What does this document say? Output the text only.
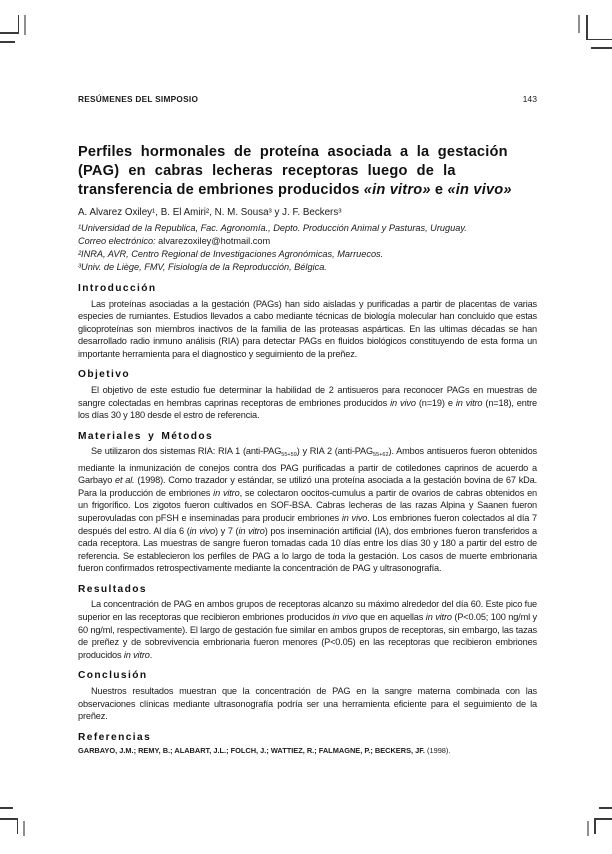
RESÚMENES DEL SIMPOSIO	143
Perfiles hormonales de proteína asociada a la gestación
(PAG) en cabras lecheras receptoras luego de la
transferencia de embriones producidos «in vitro» e «in vivo»
A. Alvarez Oxiley¹, B. El Amiri², N. M. Sousa³ y J. F. Beckers³
¹Universidad de la Republica, Fac. Agronomía., Depto. Producción Animal y Pasturas, Uruguay.
Correo electrónico: alvarezoxiley@hotmail.com
²INRA, AVR, Centro Regional de Investigaciones Agronómicas, Marruecos.
³Univ. de Liège, FMV, Fisiología de la Reproducción, Bélgica.
Introducción

Las proteínas asociadas a la gestación (PAGs) han sido aisladas y purificadas a partir de placentas de varias especies de rumiantes. Estudios llevados a cabo mediante técnicas de biología molecular han concluido que estas glicoproteínas son miembros inactivos de la familia de las proteasas aspárticas. En las ultimas décadas se han desarrollado radio inmuno análisis (RIA) para detectar PAGs en fluidos biológicos constituyendo de esta forma un importante herramienta para el diagnostico y seguimiento de la preñez.

Objetivo

El objetivo de este estudio fue determinar la habilidad de 2 antisueros para reconocer PAGs en muestras de sangre colectadas en hembras caprinas receptoras de embriones producidos in vivo (n=19) e in vitro (n=18), entre los días 30 y 180 desde el estro de referencia.

Materiales y Métodos

Se utilizaron dos sistemas RIA: RIA 1 (anti-PAG55+59) y RIA 2 (anti-PAG55+62). Ambos antisueros fueron obtenidos mediante la inmunización de conejos contra dos PAG purificadas a partir de cotiledones caprinos de acuerdo a Garbayo et al. (1998). Como trazador y estándar, se utilizó una proteína asociada a la gestación bovina de 67 kDa. Para la producción de embriones in vitro, se colectaron oocitos-cumulus a partir de ovarios de cabras obtenidos en un frigorífico. Los zigotos fueron cultivados en SOF-BSA. Cabras lecheras de las razas Alpina y Saanen fueron superovuladas con pFSH e inseminadas para producir embriones in vivo. Los embriones fueron colectados al día 7 después del estro. Al día 6 (in vivo) y 7 (in vitro) pos inseminación artificial (IA), dos embriones fueron transferidos a cada receptora. Las muestras de sangre fueron tomadas cada 10 días entre los días 30 y 180 a partir del estro de referencia. Se establecieron los perfiles de PAG a lo largo de toda la gestación. Los casos de muerte embrionaria fueron confirmados retrospectivamente mediante la concentración de PAG y ultrasonografía.

Resultados

La concentración de PAG en ambos grupos de receptoras alcanzo su máximo alrededor del día 60. Este pico fue superior en las receptoras que recibieron embriones producidos in vivo que en aquellas in vitro (P<0.05; 100 ng/ml y 60 ng/ml, respectivamente). El largo de gestación fue similar en ambos grupos de receptoras, sin embargo, las tazas de preñez y de sobrevivencia embrionaria fueron menores (P<0.05) en las receptoras que recibieron embriones producidos in vitro.

Conclusión

Nuestros resultados muestran que la concentración de PAG en la sangre materna combinada con las observaciones clínicas mediante ultrasonografía podría ser una herramienta eficiente para el seguimiento de la preñez.

Referencias

GARBAYO, J.M.; REMY, B.; ALABART, J.L.; FOLCH, J.; WATTIEZ, R.; FALMAGNE, P.; BECKERS, JF. (1998).
